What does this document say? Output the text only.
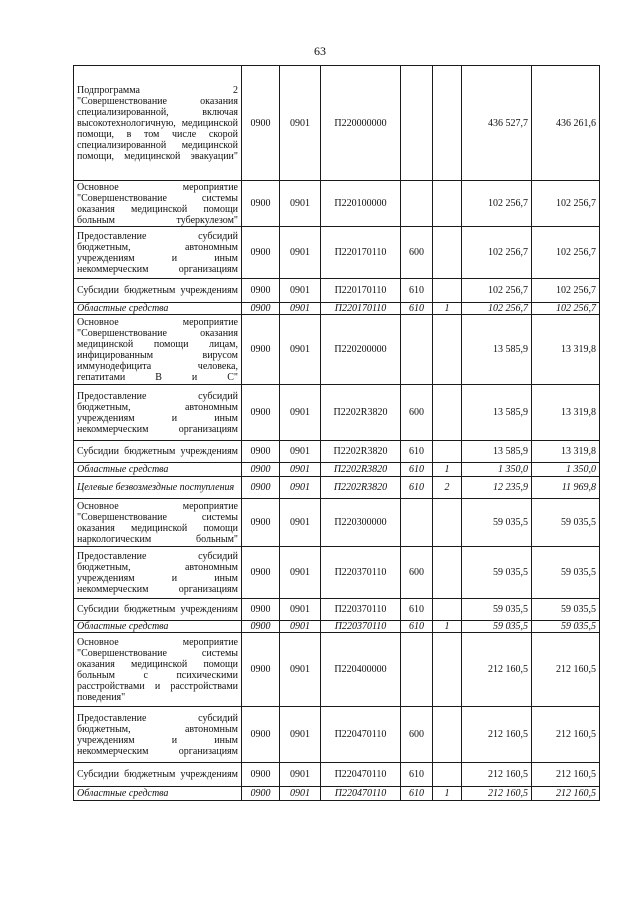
63
Подпрограмма 2 "Совершенствование оказания специализированной, включая высокотехнологичную, медицинской помощи, в том числе скорой специализированной медицинской помощи, медицинской эвакуации"	0900	0901	П220000000			436 527,7	436 261,6
Основное мероприятие "Совершенствование системы оказания медицинской помощи больным туберкулезом"	0900	0901	П220100000			102 256,7	102 256,7
Предоставление субсидий бюджетным, автономным учреждениям и иным некоммерческим организациям	0900	0901	П220170110	600		102 256,7	102 256,7
Субсидии бюджетным учреждениям	0900	0901	П220170110	610		102 256,7	102 256,7
Областные средства	0900	0901	П220170110	610	1	102 256,7	102 256,7
Основное мероприятие "Совершенствование оказания медицинской помощи лицам, инфицированным вирусом иммунодефицита человека, гепатитами В и С"	0900	0901	П220200000			13 585,9	13 319,8
Предоставление субсидий бюджетным, автономным учреждениям и иным некоммерческим организациям	0900	0901	П2202R3820	600		13 585,9	13 319,8
Субсидии бюджетным учреждениям	0900	0901	П2202R3820	610		13 585,9	13 319,8
Областные средства	0900	0901	П2202R3820	610	1	1 350,0	1 350,0
Целевые безвозмездные поступления	0900	0901	П2202R3820	610	2	12 235,9	11 969,8
Основное мероприятие "Совершенствование системы оказания медицинской помощи наркологическим больным"	0900	0901	П220300000			59 035,5	59 035,5
Предоставление субсидий бюджетным, автономным учреждениям и иным некоммерческим организациям	0900	0901	П220370110	600		59 035,5	59 035,5
Субсидии бюджетным учреждениям	0900	0901	П220370110	610		59 035,5	59 035,5
Областные средства	0900	0901	П220370110	610	1	59 035,5	59 035,5
Основное мероприятие "Совершенствование системы оказания медицинской помощи больным с психическими расстройствами и расстройствами поведения"	0900	0901	П220400000			212 160,5	212 160,5
Предоставление субсидий бюджетным, автономным учреждениям и иным некоммерческим организациям	0900	0901	П220470110	600		212 160,5	212 160,5
Субсидии бюджетным учреждениям	0900	0901	П220470110	610		212 160,5	212 160,5
Областные средства	0900	0901	П220470110	610	1	212 160,5	212 160,5
